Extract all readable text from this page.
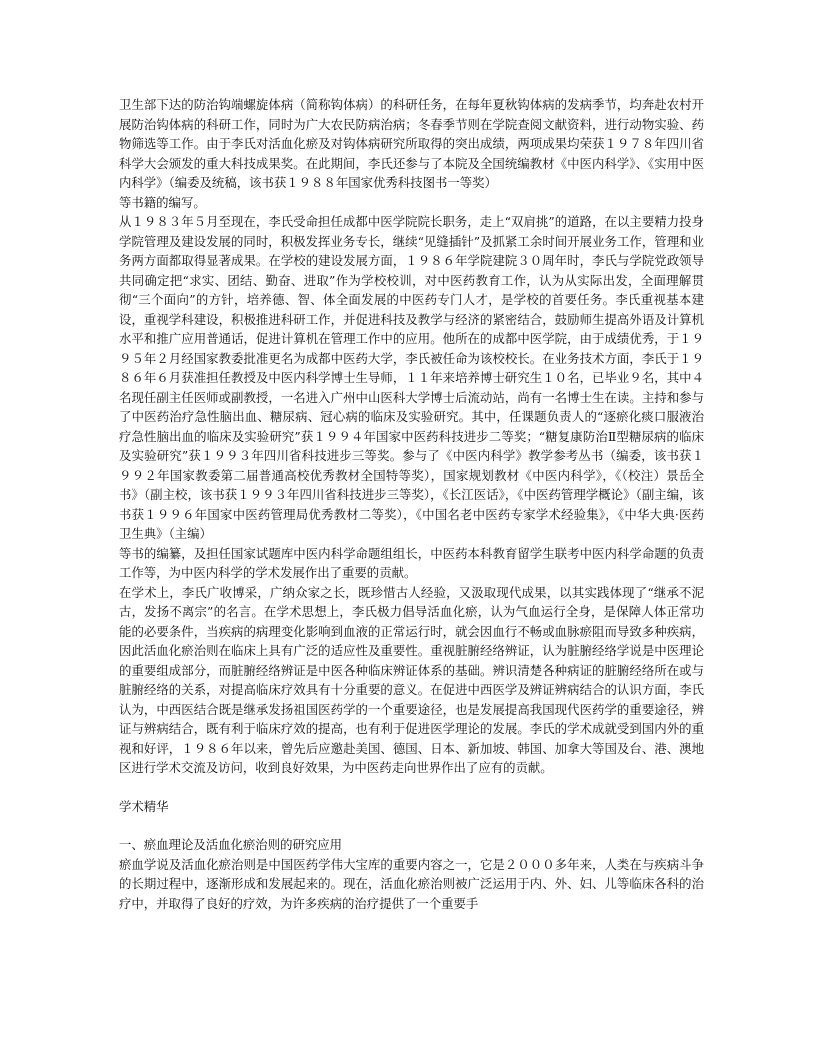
卫生部下达的防治钩端螺旋体病（简称钩体病）的科研任务，在每年夏秋钩体病的发病季节，均奔赴农村开展防治钩体病的科研工作，同时为广大农民防病治病；冬春季节则在学院查阅文献资料，进行动物实验、药物筛选等工作。由于李氏对活血化瘀及对钩体病研究所取得的突出成绩，两项成果均荣获１９７８年四川省科学大会颁发的重大科技成果奖。在此期间，李氏还参与了本院及全国统编教材《中医内科学》、《实用中医内科学》（编委及统稿，该书获１９８８年国家优秀科技图书一等奖）

等书籍的编写。

从１９８３年５月至现在，李氏受命担任成都中医学院院长职务，走上“双肩挑”的道路，在以主要精力投身学院管理及建设发展的同时，积极发挥业务专长，继续“见缝插针”及抓紧工余时间开展业务工作，管理和业务两方面都取得显著成果。在学校的建设发展方面，１９８６年学院建院３０周年时，李氏与学院党政领导共同确定把“求实、团结、勤奋、进取”作为学校校训，对中医药教育工作，认为从实际出发，全面理解贯彻“三个面向”的方针，培养德、智、体全面发展的中医药专门人才，是学校的首要任务。李氏重视基本建设，重视学科建设，积极推进科研工作，并促进科技及教学与经济的紧密结合，鼓励师生提高外语及计算机水平和推广应用普通话，促进计算机在管理工作中的应用。他所在的成都中医学院，由于成绩优秀，于１９９５年２月经国家教委批准更名为成都中医药大学，李氏被任命为该校校长。在业务技术方面，李氏于１９８６年６月获准担任教授及中医内科学博士生导师，１１年来培养博士研究生１０名，已毕业９名，其中４名现任副主任医师或副教授，一名进入广州中山医科大学博士后流动站，尚有一名博士生在读。主持和参与了中医药治疗急性脑出血、糖尿病、冠心病的临床及实验研究。其中，任课题负责人的“逐瘀化痰口服液治疗急性脑出血的临床及实验研究”获１９９４年国家中医药科技进步二等奖；“糖复康防治Ⅱ型糖尿病的临床及实验研究”获１９９３年四川省科技进步三等奖。参与了《中医内科学》教学参考丛书（编委，该书获１９９２年国家教委第二届普通高校优秀教材全国特等奖），国家规划教材《中医内科学》，《（校注）景岳全书》（副主校，该书获１９９３年四川省科技进步三等奖），《长江医话》，《中医药管理学概论》（副主编，该书获１９９６年国家中医药管理局优秀教材二等奖），《中国名老中医药专家学术经验集》，《中华大典·医药卫生典》（主编）

等书的编纂，及担任国家试题库中医内科学命题组组长，中医药本科教育留学生联考中医内科学命题的负责工作等，为中医内科学的学术发展作出了重要的贡献。

在学术上，李氏广收博采，广纳众家之长，既珍惜古人经验，又汲取现代成果，以其实践体现了“继承不泥古，发扬不离宗”的名言。在学术思想上，李氏极力倡导活血化瘀，认为气血运行全身，是保障人体正常功能的必要条件，当疾病的病理变化影响到血液的正常运行时，就会因血行不畅或血脉瘀阻而导致多种疾病，因此活血化瘀治则在临床上具有广泛的适应性及重要性。重视脏腑经络辨证，认为脏腑经络学说是中医理论的重要组成部分，而脏腑经络辨证是中医各种临床辨证体系的基础。辨识清楚各种病证的脏腑经络所在或与脏腑经络的关系，对提高临床疗效具有十分重要的意义。在促进中西医学及辨证辨病结合的认识方面，李氏认为，中西医结合既是继承发扬祖国医药学的一个重要途径，也是发展提高我国现代医药学的重要途径，辨证与辨病结合，既有利于临床疗效的提高，也有利于促进医学理论的发展。李氏的学术成就受到国内外的重视和好评，１９８６年以来，曾先后应邀赴美国、德国、日本、新加坡、韩国、加拿大等国及台、港、澳地区进行学术交流及访问，收到良好效果，为中医药走向世界作出了应有的贡献。

学术精华

一、瘀血理论及活血化瘀治则的研究应用

瘀血学说及活血化瘀治则是中国医药学伟大宝库的重要内容之一，它是２０００多年来，人类在与疾病斗争的长期过程中，逐渐形成和发展起来的。现在，活血化瘀治则被广泛运用于内、外、妇、儿等临床各科的治疗中，并取得了良好的疗效，为许多疾病的治疗提供了一个重要手
